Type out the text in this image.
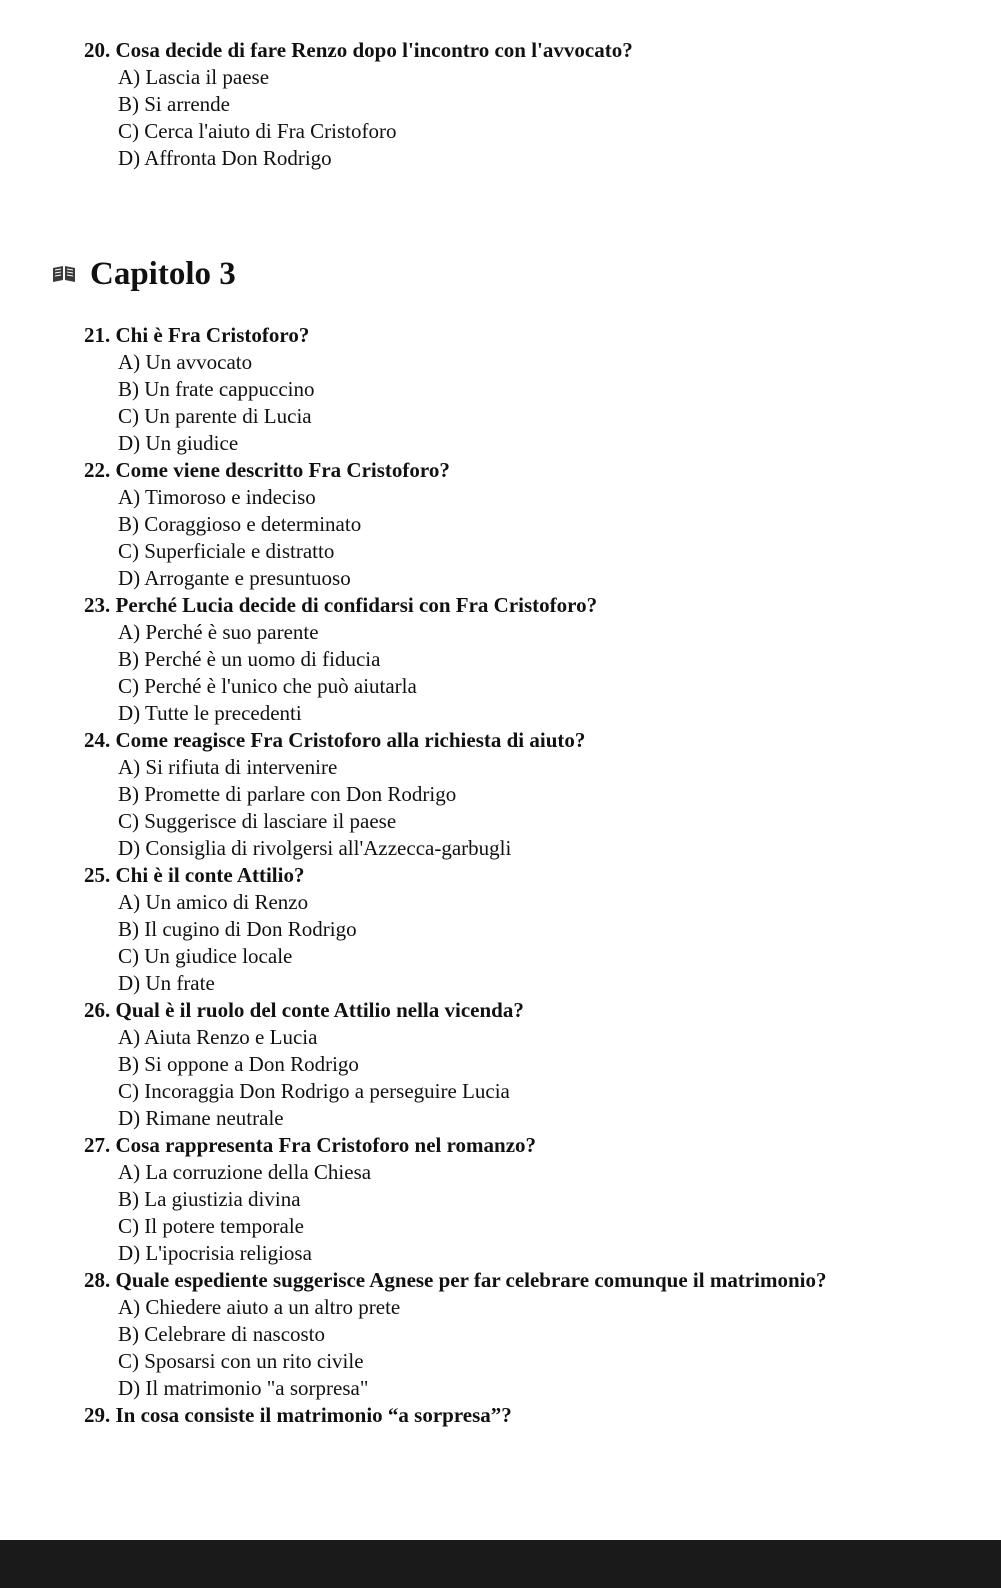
20. Cosa decide di fare Renzo dopo l'incontro con l'avvocato?
A) Lascia il paese
B) Si arrende
C) Cerca l'aiuto di Fra Cristoforo
D) Affronta Don Rodrigo
Capitolo 3
21. Chi è Fra Cristoforo?
A) Un avvocato
B) Un frate cappuccino
C) Un parente di Lucia
D) Un giudice
22. Come viene descritto Fra Cristoforo?
A) Timoroso e indeciso
B) Coraggioso e determinato
C) Superficiale e distratto
D) Arrogante e presuntuoso
23. Perché Lucia decide di confidarsi con Fra Cristoforo?
A) Perché è suo parente
B) Perché è un uomo di fiducia
C) Perché è l'unico che può aiutarla
D) Tutte le precedenti
24. Come reagisce Fra Cristoforo alla richiesta di aiuto?
A) Si rifiuta di intervenire
B) Promette di parlare con Don Rodrigo
C) Suggerisce di lasciare il paese
D) Consiglia di rivolgersi all'Azzecca-garbugli
25. Chi è il conte Attilio?
A) Un amico di Renzo
B) Il cugino di Don Rodrigo
C) Un giudice locale
D) Un frate
26. Qual è il ruolo del conte Attilio nella vicenda?
A) Aiuta Renzo e Lucia
B) Si oppone a Don Rodrigo
C) Incoraggia Don Rodrigo a perseguire Lucia
D) Rimane neutrale
27. Cosa rappresenta Fra Cristoforo nel romanzo?
A) La corruzione della Chiesa
B) La giustizia divina
C) Il potere temporale
D) L'ipocrisia religiosa
28. Quale espediente suggerisce Agnese per far celebrare comunque il matrimonio?
A) Chiedere aiuto a un altro prete
B) Celebrare di nascosto
C) Sposarsi con un rito civile
D) Il matrimonio "a sorpresa"
29. In cosa consiste il matrimonio “a sorpresa”?
